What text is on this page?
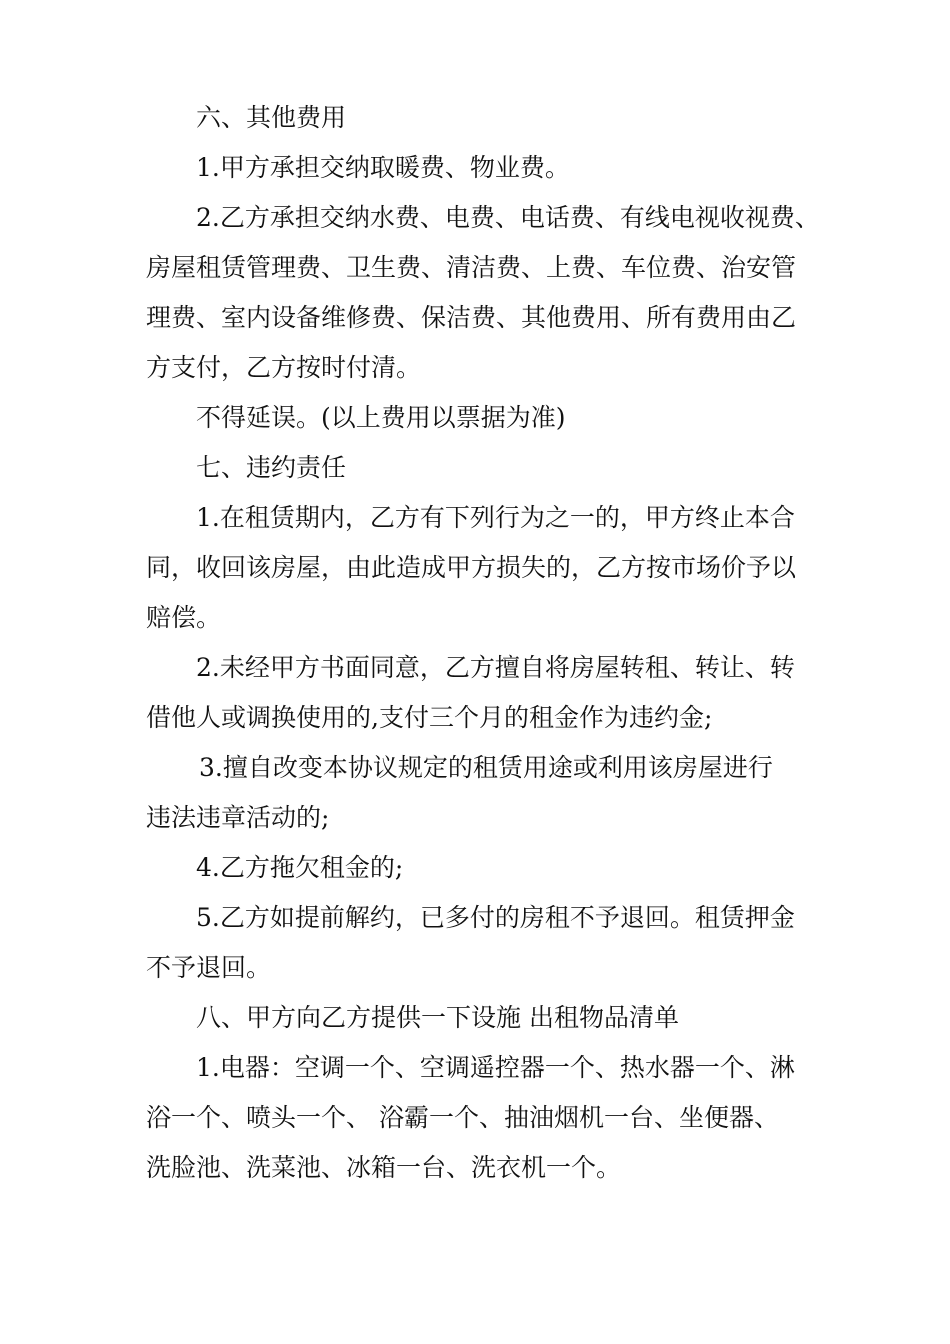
六、其他费用
1.甲方承担交纳取暖费、物业费。
2.乙方承担交纳水费、电费、电话费、有线电视收视费、
房屋租赁管理费、卫生费、清洁费、上费、车位费、治安管
理费、室内设备维修费、保洁费、其他费用、所有费用由乙
方支付，乙方按时付清。
不得延误。(以上费用以票据为准)
七、违约责任
1.在租赁期内，乙方有下列行为之一的，甲方终止本合
同，收回该房屋，由此造成甲方损失的，乙方按市场价予以
赔偿。
2.未经甲方书面同意，乙方擅自将房屋转租、转让、转
借他人或调换使用的,支付三个月的租金作为违约金;
3.擅自改变本协议规定的租赁用途或利用该房屋进行
违法违章活动的;
4.乙方拖欠租金的;
5.乙方如提前解约，已多付的房租不予退回。租赁押金
不予退回。
八、甲方向乙方提供一下设施 出租物品清单
1.电器：空调一个、空调遥控器一个、热水器一个、淋
浴一个、喷头一个、 浴霸一个、抽油烟机一台、坐便器、
洗脸池、洗菜池、冰箱一台、洗衣机一个。
